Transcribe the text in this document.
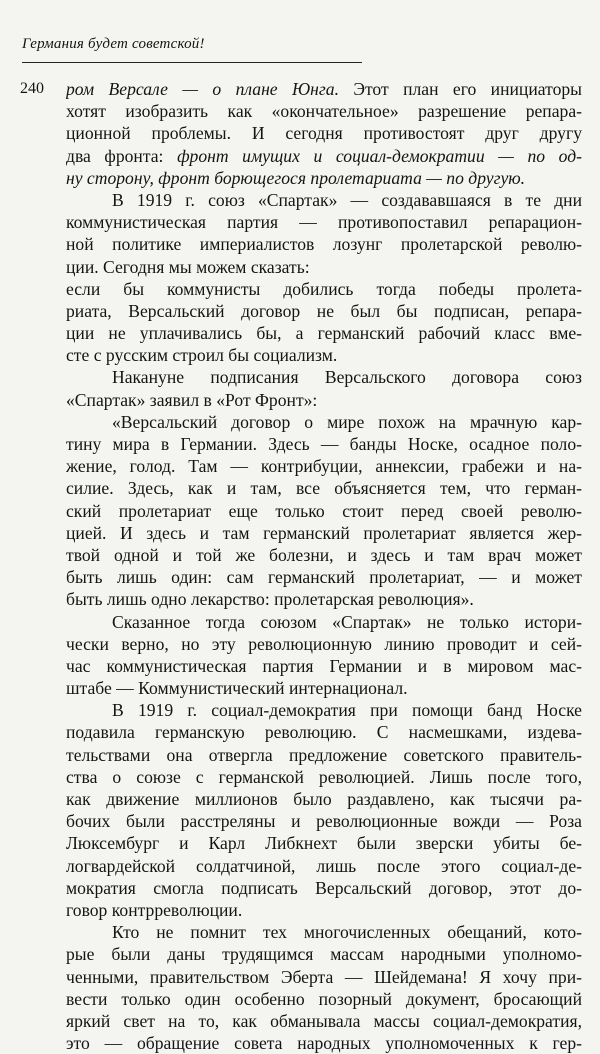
Германия будет советской!
240 ром Версале — о плане Юнга. Этот план его инициаторы
хотят изобразить как «окончательное» разрешение репара-
ционной проблемы. И сегодня противостоят друг другу
два фронта: фронт имущих и социал-демократии — по од-
ну сторону, фронт борющегося пролетариата — по другую.
В 1919 г. союз «Спартак» — создававшаяся в те дни
коммунистическая партия — противопоставил репарацион-
ной политике империалистов лозунг пролетарской револю-
ции. Сегодня мы можем сказать:
если бы коммунисты добились тогда победы пролета-
риата, Версальский договор не был бы подписан, репара-
ции не уплачивались бы, а германский рабочий класс вме-
сте с русским строил бы социализм.
Накануне подписания Версальского договора союз
«Спартак» заявил в «Рот Фронт»:
«Версальский договор о мире похож на мрачную кар-
тину мира в Германии. Здесь — банды Носке, осадное поло-
жение, голод. Там — контрибуции, аннексии, грабежи и на-
силие. Здесь, как и там, все объясняется тем, что герман-
ский пролетариат еще только стоит перед своей револю-
цией. И здесь и там германский пролетариат является жер-
твой одной и той же болезни, и здесь и там врач может
быть лишь один: сам германский пролетариат, — и может
быть лишь одно лекарство: пролетарская революция».
Сказанное тогда союзом «Спартак» не только истори-
чески верно, но эту революционную линию проводит и сей-
час коммунистическая партия Германии и в мировом мас-
штабе — Коммунистический интернационал.
В 1919 г. социал-демократия при помощи банд Носке
подавила германскую революцию. С насмешками, издева-
тельствами она отвергла предложение советского правитель-
ства о союзе с германской революцией. Лишь после того,
как движение миллионов было раздавлено, как тысячи ра-
бочих были расстреляны и революционные вожди — Роза
Люксембург и Карл Либкнехт были зверски убиты бе-
логвардейской солдатчиной, лишь после этого социал-де-
мократия смогла подписать Версальский договор, этот до-
говор контрреволюции.
Кто не помнит тех многочисленных обещаний, кото-
рые были даны трудящимся массам народными уполномо-
ченными, правительством Эберта — Шейдемана! Я хочу при-
вести только один особенно позорный документ, бросающий
яркий свет на то, как обманывала массы социал-демократия,
это — обращение совета народных уполномоченных к гер-
